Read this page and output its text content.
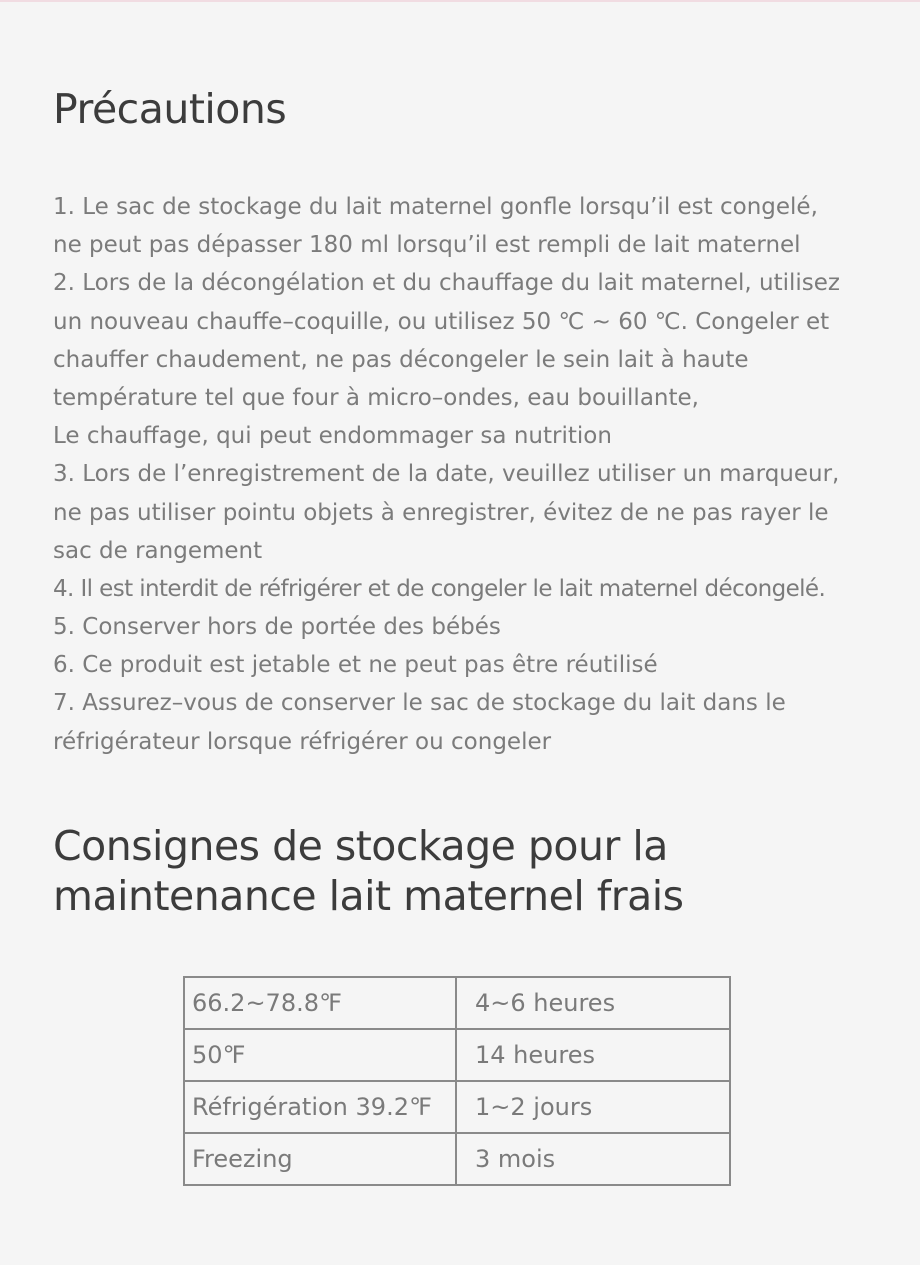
Précautions
1. Le sac de stockage du lait maternel gonfle lorsqu’il est congelé,
ne peut pas dépasser 180 ml lorsqu’il est rempli de lait maternel
2. Lors de la décongélation et du chauffage du lait maternel, utilisez
un nouveau chauffe–coquille, ou utilisez 50 ℃ ~ 60 ℃. Congeler et
chauffer chaudement, ne pas décongeler le sein lait à haute
température tel que four à micro–ondes, eau bouillante,
Le chauffage, qui peut endommager sa nutrition
3. Lors de l’enregistrement de la date, veuillez utiliser un marqueur,
ne pas utiliser pointu objets à enregistrer, évitez de ne pas rayer le
sac de rangement
4. Il est interdit de réfrigérer et de congeler le lait maternel décongelé.
5. Conserver hors de portée des bébés
6. Ce produit est jetable et ne peut pas être réutilisé
7. Assurez–vous de conserver le sac de stockage du lait dans le
réfrigérateur lorsque réfrigérer ou congeler
Consignes de stockage pour la
maintenance lait maternel frais
66.2~78.8℉	4~6 heures
50℉	14 heures
Réfrigération 39.2℉	1~2 jours
Freezing	3 mois
